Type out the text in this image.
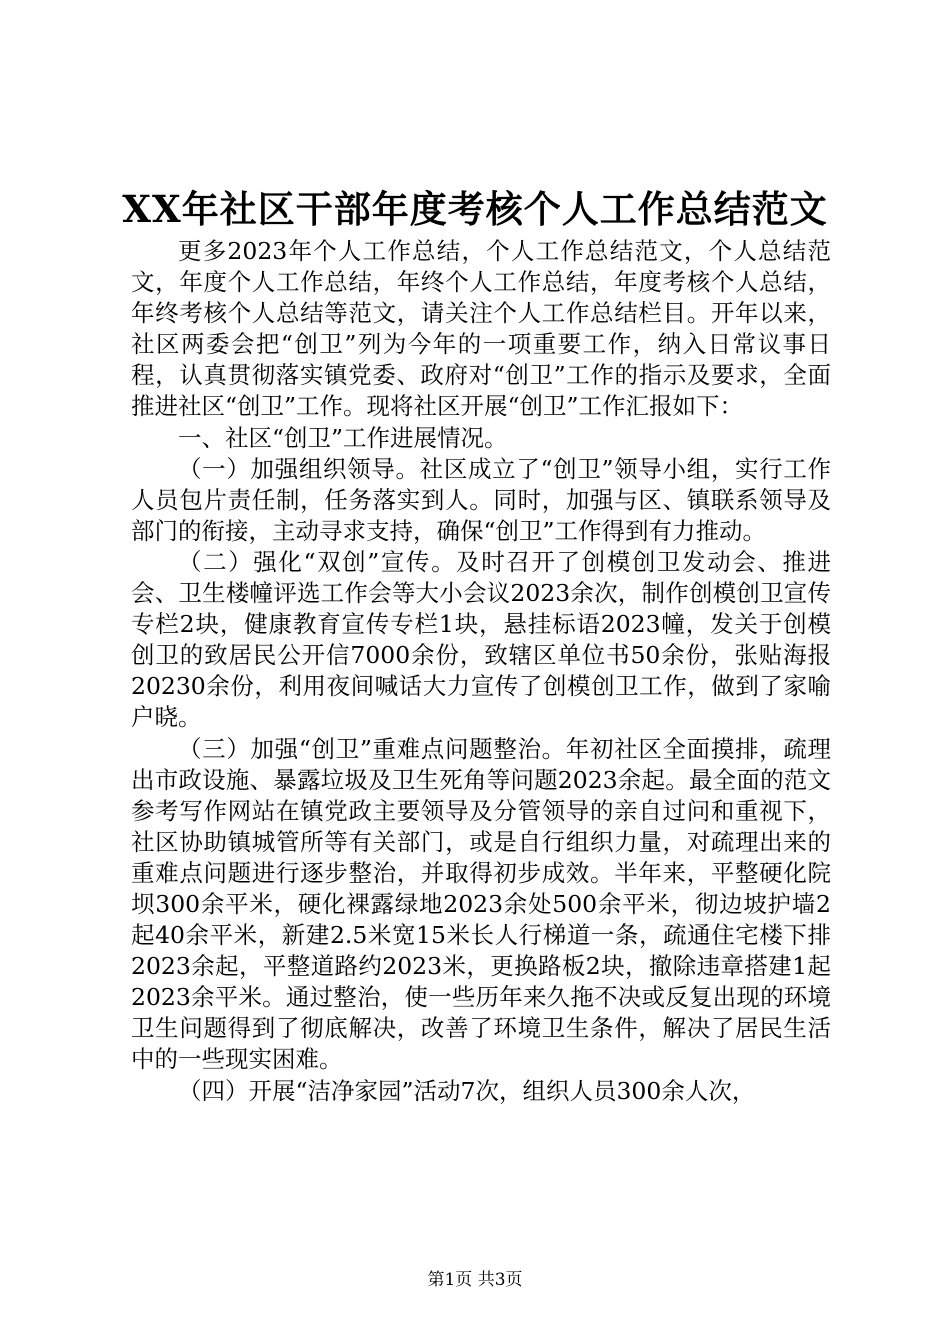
XX年社区干部年度考核个人工作总结范文

更多2023年个人工作总结，个人工作总结范文，个人总结范文，年度个人工作总结，年终个人工作总结，年度考核个人总结，年终考核个人总结等范文，请关注个人工作总结栏目。开年以来，社区两委会把“创卫”列为今年的一项重要工作，纳入日常议事日程，认真贯彻落实镇党委、政府对“创卫”工作的指示及要求，全面推进社区“创卫”工作。现将社区开展“创卫”工作汇报如下：

一、社区“创卫”工作进展情况。

（一）加强组织领导。社区成立了“创卫”领导小组，实行工作人员包片责任制，任务落实到人。同时，加强与区、镇联系领导及部门的衔接，主动寻求支持，确保“创卫”工作得到有力推动。

（二）强化“双创”宣传。及时召开了创模创卫发动会、推进会、卫生楼幢评选工作会等大小会议2023余次，制作创模创卫宣传专栏2块，健康教育宣传专栏1块，悬挂标语2023幢，发关于创模创卫的致居民公开信7000余份，致辖区单位书50余份，张贴海报20230余份，利用夜间喊话大力宣传了创模创卫工作，做到了家喻户晓。

（三）加强“创卫”重难点问题整治。年初社区全面摸排，疏理出市政设施、暴露垃圾及卫生死角等问题2023余起。最全面的范文参考写作网站在镇党政主要领导及分管领导的亲自过问和重视下，社区协助镇城管所等有关部门，或是自行组织力量，对疏理出来的重难点问题进行逐步整治，并取得初步成效。半年来，平整硬化院坝300余平米，硬化裸露绿地2023余处500余平米，彻边坡护墙2起40余平米，新建2.5米宽15米长人行梯道一条，疏通住宅楼下排2023余起，平整道路约2023米，更换路板2块，撤除违章搭建1起2023余平米。通过整治，使一些历年来久拖不决或反复出现的环境卫生问题得到了彻底解决，改善了环境卫生条件，解决了居民生活中的一些现实困难。

（四）开展“洁净家园”活动7次，组织人员300余人次，

第1页 共3页
